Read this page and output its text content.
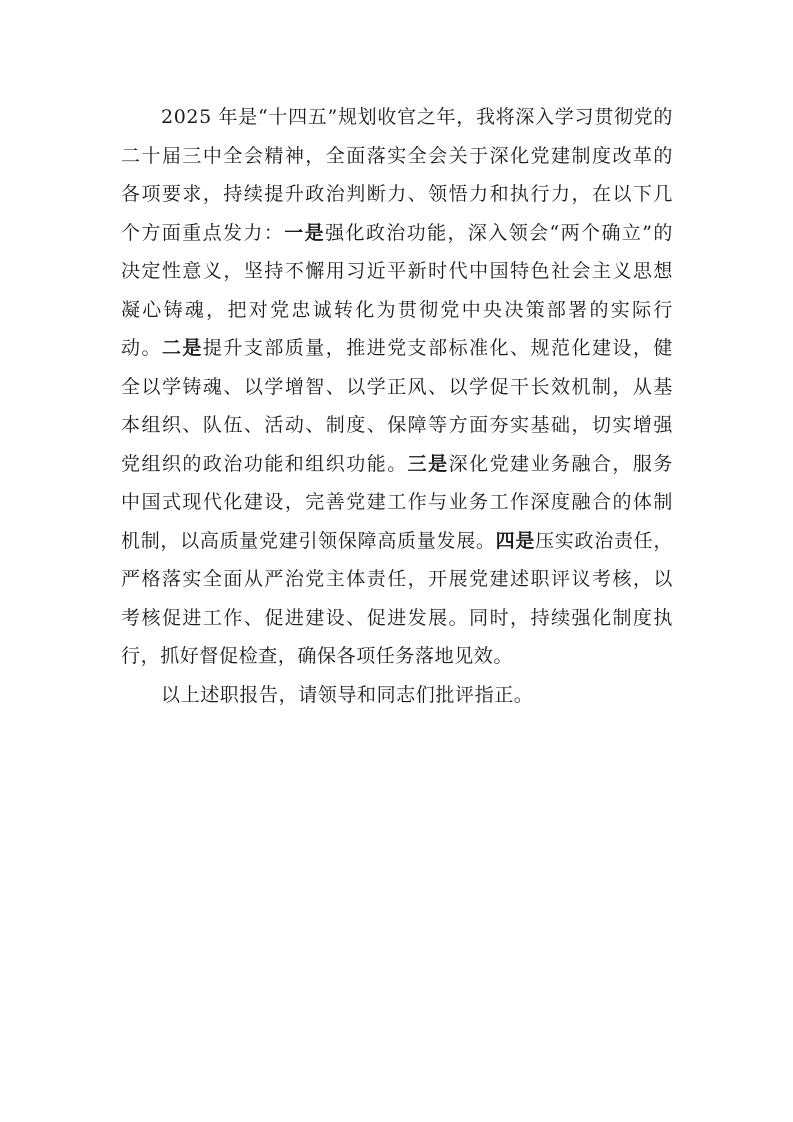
2025 年是“十四五”规划收官之年，我将深入学习贯彻党的
二十届三中全会精神，全面落实全会关于深化党建制度改革的
各项要求，持续提升政治判断力、领悟力和执行力，在以下几
个方面重点发力：一是强化政治功能，深入领会“两个确立”的
决定性意义，坚持不懈用习近平新时代中国特色社会主义思想
凝心铸魂，把对党忠诚转化为贯彻党中央决策部署的实际行
动。二是提升支部质量，推进党支部标准化、规范化建设，健
全以学铸魂、以学增智、以学正风、以学促干长效机制，从基
本组织、队伍、活动、制度、保障等方面夯实基础，切实增强
党组织的政治功能和组织功能。三是深化党建业务融合，服务
中国式现代化建设，完善党建工作与业务工作深度融合的体制
机制，以高质量党建引领保障高质量发展。四是压实政治责任，
严格落实全面从严治党主体责任，开展党建述职评议考核，以
考核促进工作、促进建设、促进发展。同时，持续强化制度执
行，抓好督促检查，确保各项任务落地见效。
以上述职报告，请领导和同志们批评指正。
